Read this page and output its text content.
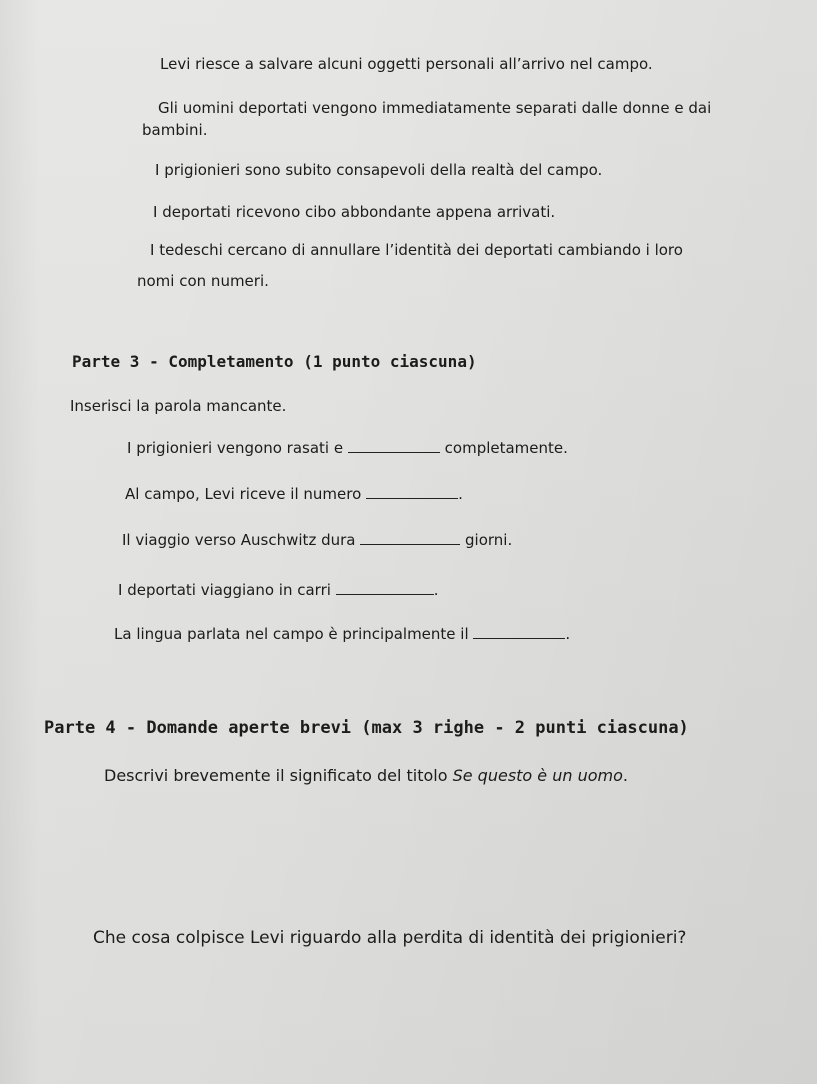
Levi riesce a salvare alcuni oggetti personali all’arrivo nel campo.
Gli uomini deportati vengono immediatamente separati dalle donne e dai
bambini.
I prigionieri sono subito consapevoli della realtà del campo.
I deportati ricevono cibo abbondante appena arrivati.
I tedeschi cercano di annullare l’identità dei deportati cambiando i loro
nomi con numeri.
Parte 3 - Completamento (1 punto ciascuna)
Inserisci la parola mancante.
I prigionieri vengono rasati e	completamente.
Al campo, Levi riceve il numero	.
Il viaggio verso Auschwitz dura	giorni.
I deportati viaggiano in carri	.
La lingua parlata nel campo è principalmente il	.
Parte 4 - Domande aperte brevi (max 3 righe - 2 punti ciascuna)
Descrivi brevemente il significato del titolo Se questo è un uomo.
Che cosa colpisce Levi riguardo alla perdita di identità dei prigionieri?
